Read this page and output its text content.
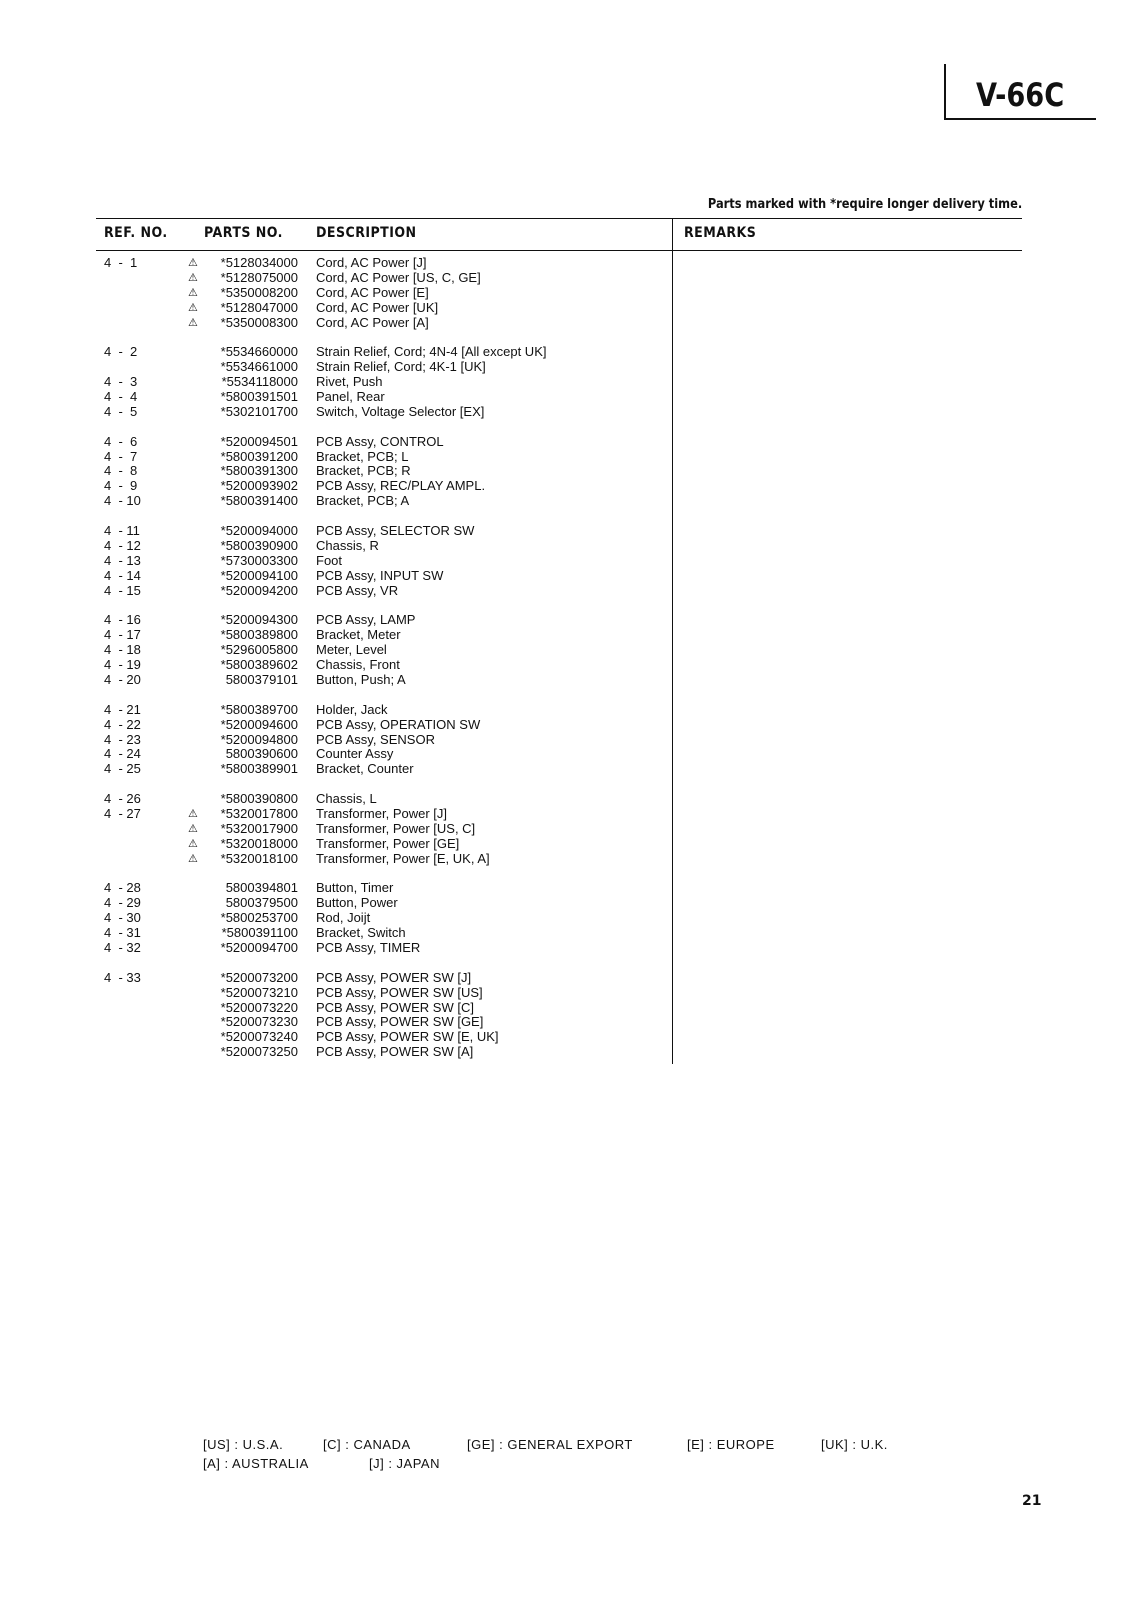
V-66C
Parts marked with *require longer delivery time.
REF. NO.	PARTS NO. DESCRIPTION	REMARKS
4  -  1	⚠	*5128034000 Cord, AC Power [J]
⚠	*5128075000 Cord, AC Power [US, C, GE]
⚠	*5350008200 Cord, AC Power [E]
⚠	*5128047000 Cord, AC Power [UK]
⚠	*5350008300 Cord, AC Power [A]
4  -  2	*5534660000 Strain Relief, Cord; 4N-4 [All except UK]
*5534661000 Strain Relief, Cord; 4K-1 [UK]
4  -  3	*5534118000 Rivet, Push
4  -  4	*5800391501 Panel, Rear
4  -  5	*5302101700 Switch, Voltage Selector [EX]
4  -  6	*5200094501 PCB Assy, CONTROL
4  -  7	*5800391200 Bracket, PCB; L
4  -  8	*5800391300 Bracket, PCB; R
4  -  9	*5200093902 PCB Assy, REC/PLAY AMPL.
4  - 10	*5800391400 Bracket, PCB; A
4  - 11	*5200094000 PCB Assy, SELECTOR SW
4  - 12	*5800390900 Chassis, R
4  - 13	*5730003300 Foot
4  - 14	*5200094100 PCB Assy, INPUT SW
4  - 15	*5200094200 PCB Assy, VR
4  - 16	*5200094300 PCB Assy, LAMP
4  - 17	*5800389800 Bracket, Meter
4  - 18	*5296005800 Meter, Level
4  - 19	*5800389602 Chassis, Front
4  - 20	5800379101 Button, Push; A
4  - 21	*5800389700 Holder, Jack
4  - 22	*5200094600 PCB Assy, OPERATION SW
4  - 23	*5200094800 PCB Assy, SENSOR
4  - 24	5800390600 Counter Assy
4  - 25	*5800389901 Bracket, Counter
4  - 26	*5800390800 Chassis, L
4  - 27	⚠	*5320017800 Transformer, Power [J]
⚠	*5320017900 Transformer, Power [US, C]
⚠	*5320018000 Transformer, Power [GE]
⚠	*5320018100 Transformer, Power [E, UK, A]
4  - 28	5800394801 Button, Timer
4  - 29	5800379500 Button, Power
4  - 30	*5800253700 Rod, Joijt
4  - 31	*5800391100 Bracket, Switch
4  - 32	*5200094700 PCB Assy, TIMER
4  - 33	*5200073200 PCB Assy, POWER SW [J]
*5200073210 PCB Assy, POWER SW [US]
*5200073220 PCB Assy, POWER SW [C]
*5200073230 PCB Assy, POWER SW [GE]
*5200073240 PCB Assy, POWER SW [E, UK]
*5200073250 PCB Assy, POWER SW [A]
[US] : U.S.A.	[C] : CANADA	[GE] : GENERAL EXPORT	[E] : EUROPE	[UK] : U.K.
[A] : AUSTRALIA	[J] : JAPAN
21
